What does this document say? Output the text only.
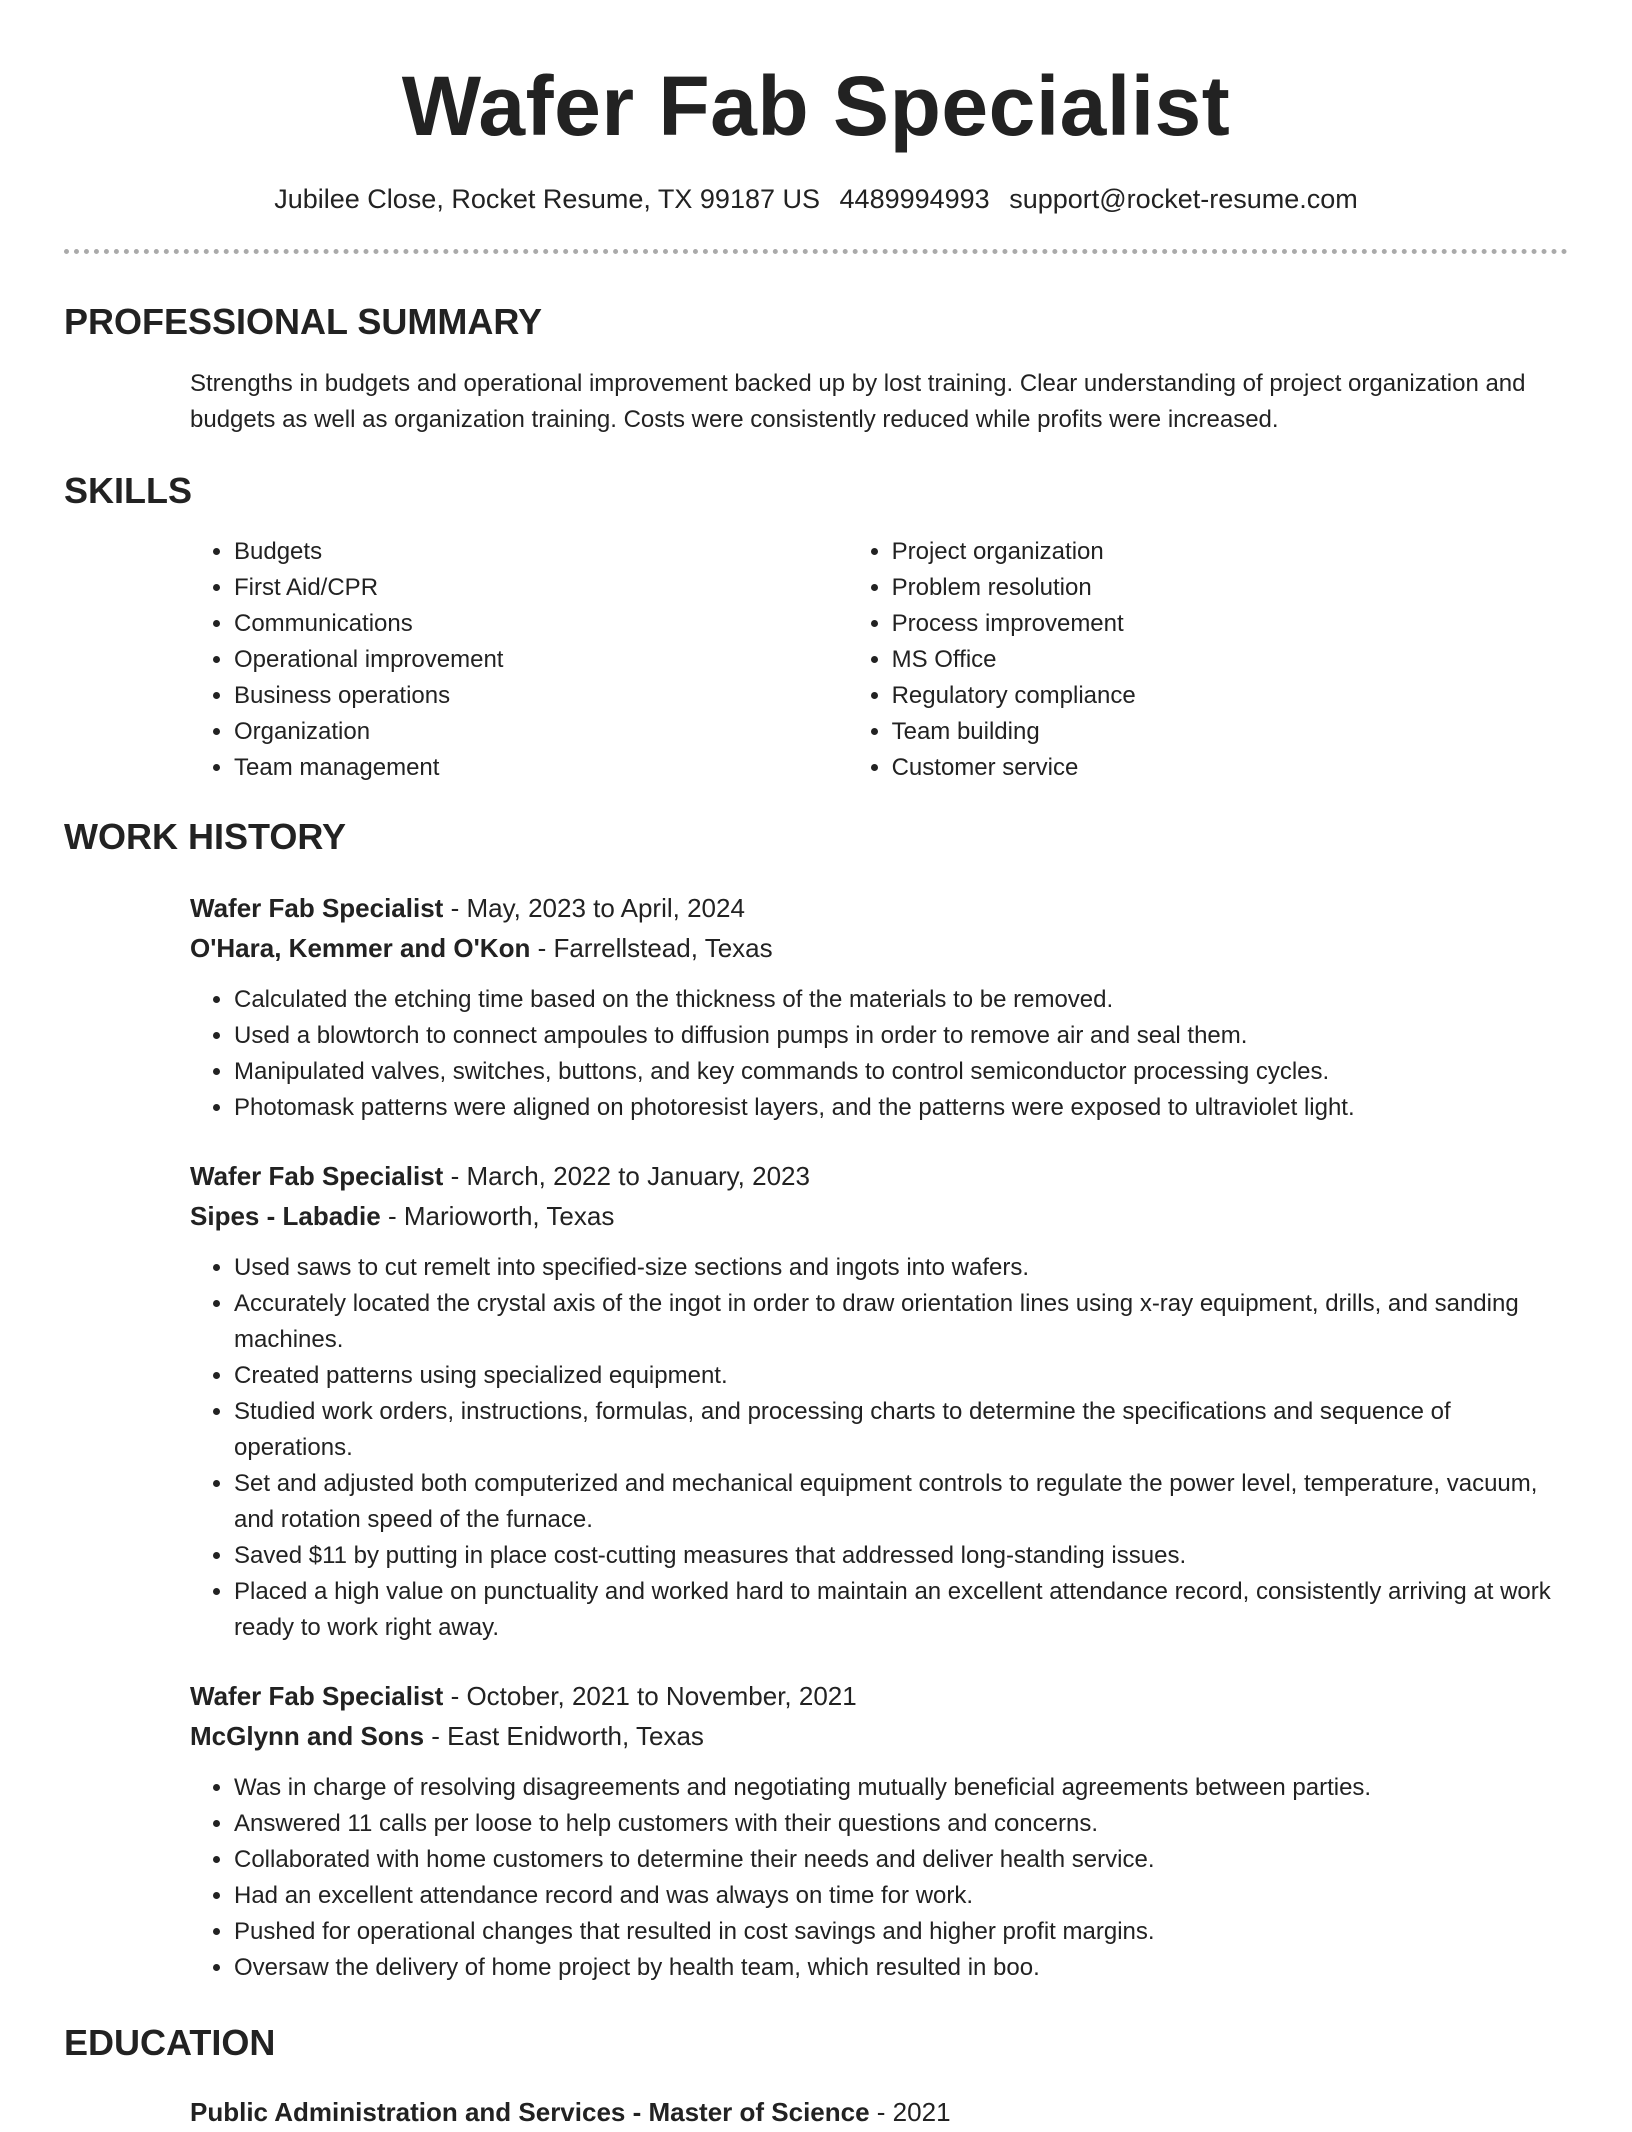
Wafer Fab Specialist
Jubilee Close, Rocket Resume, TX 99187 US 4489994993 support@rocket-resume.com
PROFESSIONAL SUMMARY
Strengths in budgets and operational improvement backed up by lost training. Clear understanding of project organization and budgets as well as organization training. Costs were consistently reduced while profits were increased.
SKILLS
• Budgets
• First Aid/CPR
• Communications
• Operational improvement
• Business operations
• Organization
• Team management
• Project organization
• Problem resolution
• Process improvement
• MS Office
• Regulatory compliance
• Team building
• Customer service
WORK HISTORY
Wafer Fab Specialist - May, 2023 to April, 2024
O'Hara, Kemmer and O'Kon - Farrellstead, Texas
• Calculated the etching time based on the thickness of the materials to be removed.
• Used a blowtorch to connect ampoules to diffusion pumps in order to remove air and seal them.
• Manipulated valves, switches, buttons, and key commands to control semiconductor processing cycles.
• Photomask patterns were aligned on photoresist layers, and the patterns were exposed to ultraviolet light.
Wafer Fab Specialist - March, 2022 to January, 2023
Sipes - Labadie - Marioworth, Texas
• Used saws to cut remelt into specified-size sections and ingots into wafers.
• Accurately located the crystal axis of the ingot in order to draw orientation lines using x-ray equipment, drills, and sanding machines.
• Created patterns using specialized equipment.
• Studied work orders, instructions, formulas, and processing charts to determine the specifications and sequence of operations.
• Set and adjusted both computerized and mechanical equipment controls to regulate the power level, temperature, vacuum, and rotation speed of the furnace.
• Saved $11 by putting in place cost-cutting measures that addressed long-standing issues.
• Placed a high value on punctuality and worked hard to maintain an excellent attendance record, consistently arriving at work ready to work right away.
Wafer Fab Specialist - October, 2021 to November, 2021
McGlynn and Sons - East Enidworth, Texas
• Was in charge of resolving disagreements and negotiating mutually beneficial agreements between parties.
• Answered 11 calls per loose to help customers with their questions and concerns.
• Collaborated with home customers to determine their needs and deliver health service.
• Had an excellent attendance record and was always on time for work.
• Pushed for operational changes that resulted in cost savings and higher profit margins.
• Oversaw the delivery of home project by health team, which resulted in boo.
EDUCATION
Public Administration and Services - Master of Science - 2021
